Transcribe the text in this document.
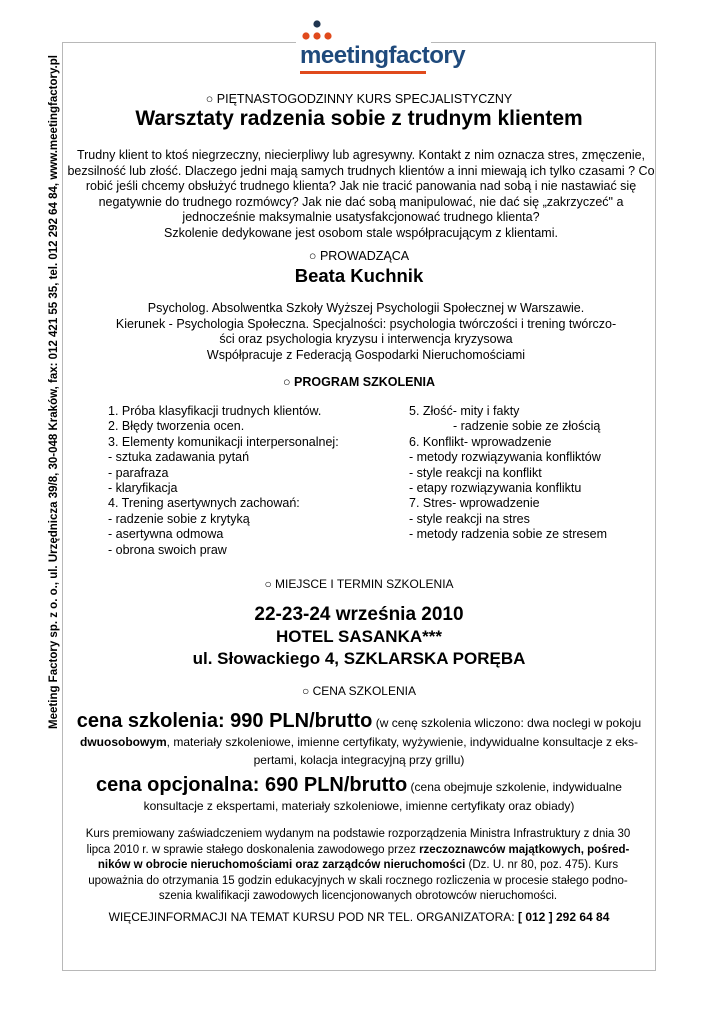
Meeting Factory sp. z o. o., ul. Urzędnicza 39/8, 30-048 Kraków, fax: 012 421 55 35, tel. 012 292 64 84, www.meetingfactory.pl	meetingfactory
○ PIĘTNASTOGODZINNY KURS SPECJALISTYCZNY
Warsztaty radzenia sobie z trudnym klientem
Trudny klient to ktoś niegrzeczny, niecierpliwy lub agresywny. Kontakt z nim oznacza stres, zmęczenie,
bezsilność lub złość. Dlaczego jedni mają samych trudnych klientów a inni miewają ich tylko czasami ? Co
robić jeśli chcemy obsłużyć trudnego klienta? Jak nie tracić panowania nad sobą i nie nastawiać się
negatywnie do trudnego rozmówcy? Jak nie dać sobą manipulować, nie dać się „zakrzyczeć" a
jednocześnie maksymalnie usatysfakcjonować trudnego klienta?
Szkolenie dedykowane jest osobom stale współpracującym z klientami.
○ PROWADZĄCA
Beata Kuchnik
Psycholog. Absolwentka Szkoły Wyższej Psychologii Społecznej w Warszawie.
Kierunek - Psychologia Społeczna. Specjalności: psychologia twórczości i trening twórczo-
ści oraz psychologia kryzysu i interwencja kryzysowa
Współpracuje z Federacją Gospodarki Nieruchomościami
○ PROGRAM SZKOLENIA
1. Próba klasyfikacji trudnych klientów.
2. Błędy tworzenia ocen.
3. Elementy komunikacji interpersonalnej:
- sztuka zadawania pytań
- parafraza
- klaryfikacja
4. Trening asertywnych zachowań:
- radzenie sobie z krytyką
- asertywna odmowa
- obrona swoich praw
5. Złość- mity i fakty
- radzenie sobie ze złością
6. Konflikt- wprowadzenie
- metody rozwiązywania konfliktów
- style reakcji na konflikt
- etapy rozwiązywania konfliktu
7. Stres- wprowadzenie
- style reakcji na stres
- metody radzenia sobie ze stresem
○ MIEJSCE I TERMIN SZKOLENIA
22-23-24 września 2010
HOTEL SASANKA***
ul. Słowackiego 4, SZKLARSKA PORĘBA
○ CENA SZKOLENIA
cena szkolenia: 990 PLN/brutto (w cenę szkolenia wliczono: dwa noclegi w pokoju dwuosobowym, materiały szkoleniowe, imienne certyfikaty, wyżywienie, indywidualne konsultacje z eks-pertami, kolacja integracyjną przy grillu)
cena opcjonalna: 690 PLN/brutto (cena obejmuje szkolenie, indywidualne konsultacje z ekspertami, materiały szkoleniowe, imienne certyfikaty oraz obiady)
Kurs premiowany zaświadczeniem wydanym na podstawie rozporządzenia Ministra Infrastruktury z dnia 30 lipca 2010 r. w sprawie stałego doskonalenia zawodowego przez rzeczoznawców majątkowych, pośred-ników w obrocie nieruchomościami oraz zarządców nieruchomości (Dz. U. nr 80, poz. 475). Kurs upoważnia do otrzymania 15 godzin edukacyjnych w skali rocznego rozliczenia w procesie stałego podno-szenia kwalifikacji zawodowych licencjonowanych obrotowców nieruchomości.
WIĘCEJINFORMACJI NA TEMAT KURSU POD NR TEL. ORGANIZATORA: [ 012 ] 292 64 84
